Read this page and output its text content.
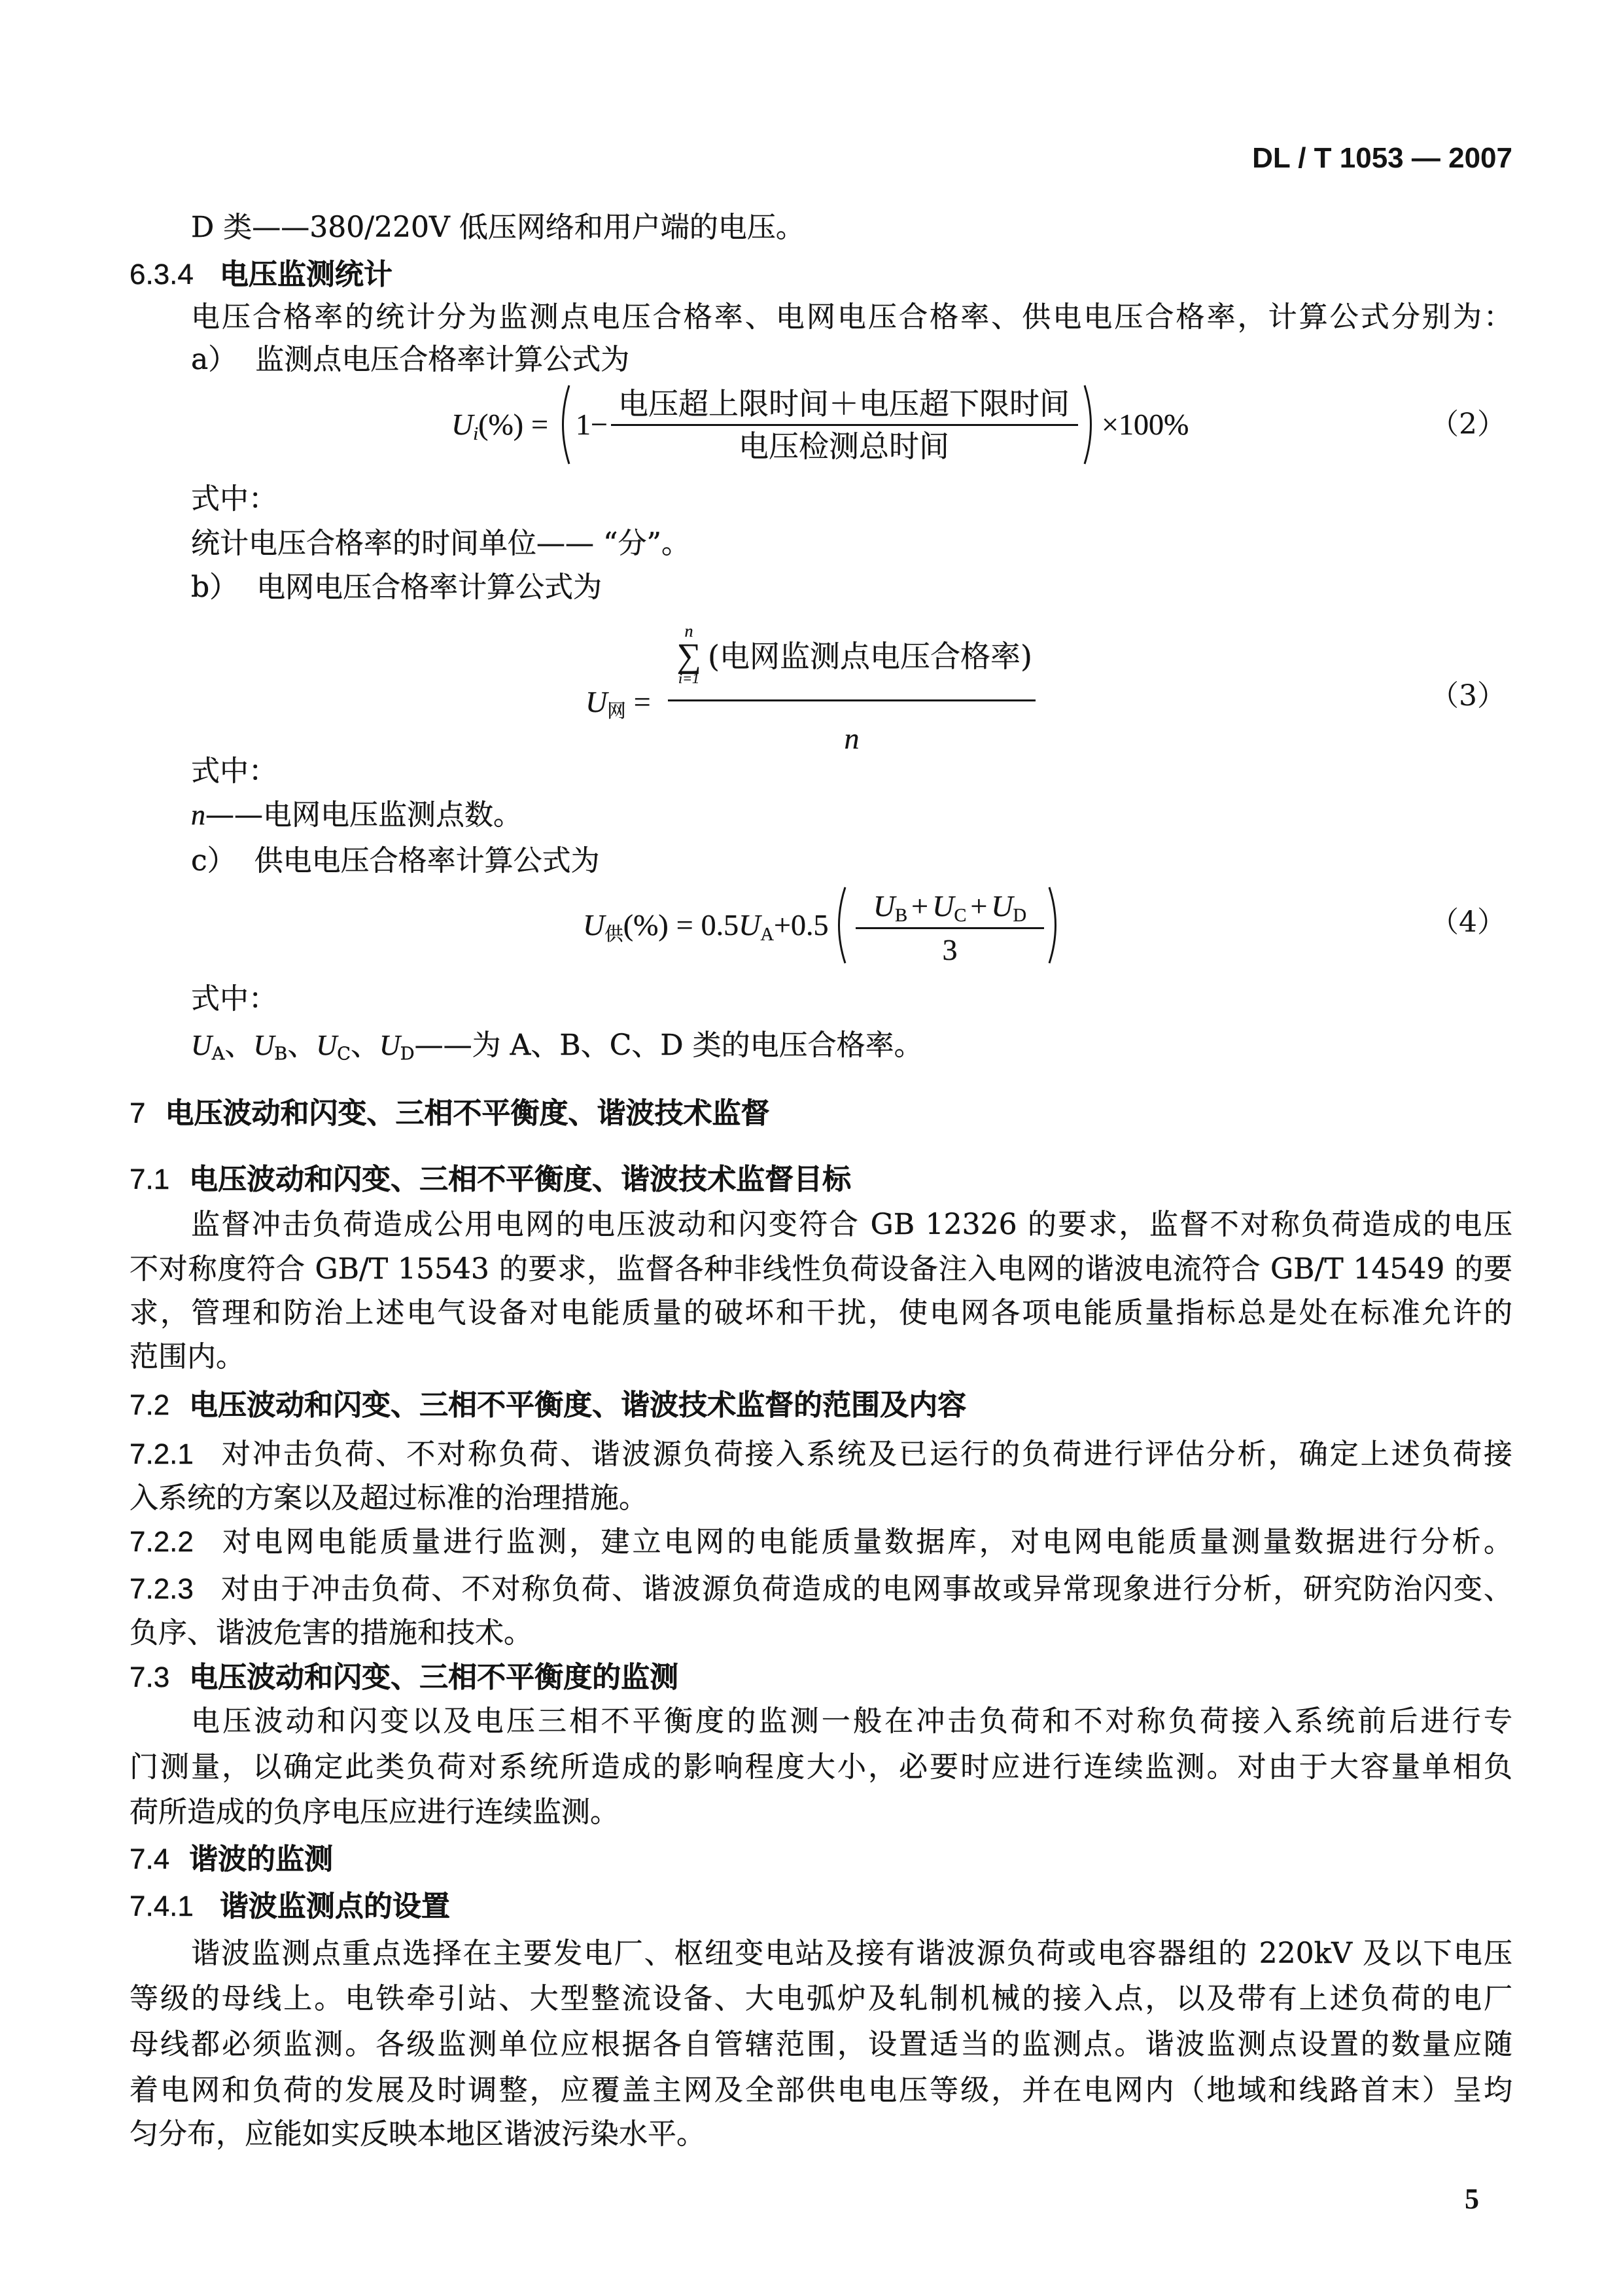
DL / T 1053 — 2007
D 类——380/220V 低压网络和用户端的电压。
6.3.4 电压监测统计
电压合格率的统计分为监测点电压合格率、电网电压合格率、供电电压合格率，计算公式分别为：
a） 监测点电压合格率计算公式为
$U_i(\%) = 1-$
电压超上限时间＋电压超下限时间
电压检测总时间
×100%	（2）
式中：
统计电压合格率的时间单位—— “分”。
b） 电网电压合格率计算公式为
$U_网$ =
n
∑
i=1
(电网监测点电压合格率)
n
（3）
式中：
n——电网电压监测点数。
c） 供电电压合格率计算公式为
$U_供(\%) = 0.5U_A+0.5$
$U_B + U_C + U_D$
3
（4）
式中：
$U_A$、$U_B$、$U_C$、$U_D——$为 A、B、C、D 类的电压合格率。
7 电压波动和闪变、三相不平衡度、谐波技术监督
7.1 电压波动和闪变、三相不平衡度、谐波技术监督目标
监督冲击负荷造成公用电网的电压波动和闪变符合 GB 12326 的要求，监督不对称负荷造成的电压
不对称度符合 GB/T 15543 的要求，监督各种非线性负荷设备注入电网的谐波电流符合 GB/T 14549 的要
求，管理和防治上述电气设备对电能质量的破坏和干扰，使电网各项电能质量指标总是处在标准允许的
范围内。
7.2 电压波动和闪变、三相不平衡度、谐波技术监督的范围及内容
7.2.1 对冲击负荷、不对称负荷、谐波源负荷接入系统及已运行的负荷进行评估分析，确定上述负荷接
入系统的方案以及超过标准的治理措施。
7.2.2 对电网电能质量进行监测，建立电网的电能质量数据库，对电网电能质量测量数据进行分析。
7.2.3 对由于冲击负荷、不对称负荷、谐波源负荷造成的电网事故或异常现象进行分析，研究防治闪变、
负序、谐波危害的措施和技术。
7.3 电压波动和闪变、三相不平衡度的监测
电压波动和闪变以及电压三相不平衡度的监测一般在冲击负荷和不对称负荷接入系统前后进行专
门测量，以确定此类负荷对系统所造成的影响程度大小，必要时应进行连续监测。对由于大容量单相负
荷所造成的负序电压应进行连续监测。
7.4 谐波的监测
7.4.1 谐波监测点的设置
谐波监测点重点选择在主要发电厂、枢纽变电站及接有谐波源负荷或电容器组的 220kV 及以下电压
等级的母线上。电铁牵引站、大型整流设备、大电弧炉及轧制机械的接入点，以及带有上述负荷的电厂
母线都必须监测。各级监测单位应根据各自管辖范围，设置适当的监测点。谐波监测点设置的数量应随
着电网和负荷的发展及时调整，应覆盖主网及全部供电电压等级，并在电网内（地域和线路首末）呈均
匀分布，应能如实反映本地区谐波污染水平。
5
